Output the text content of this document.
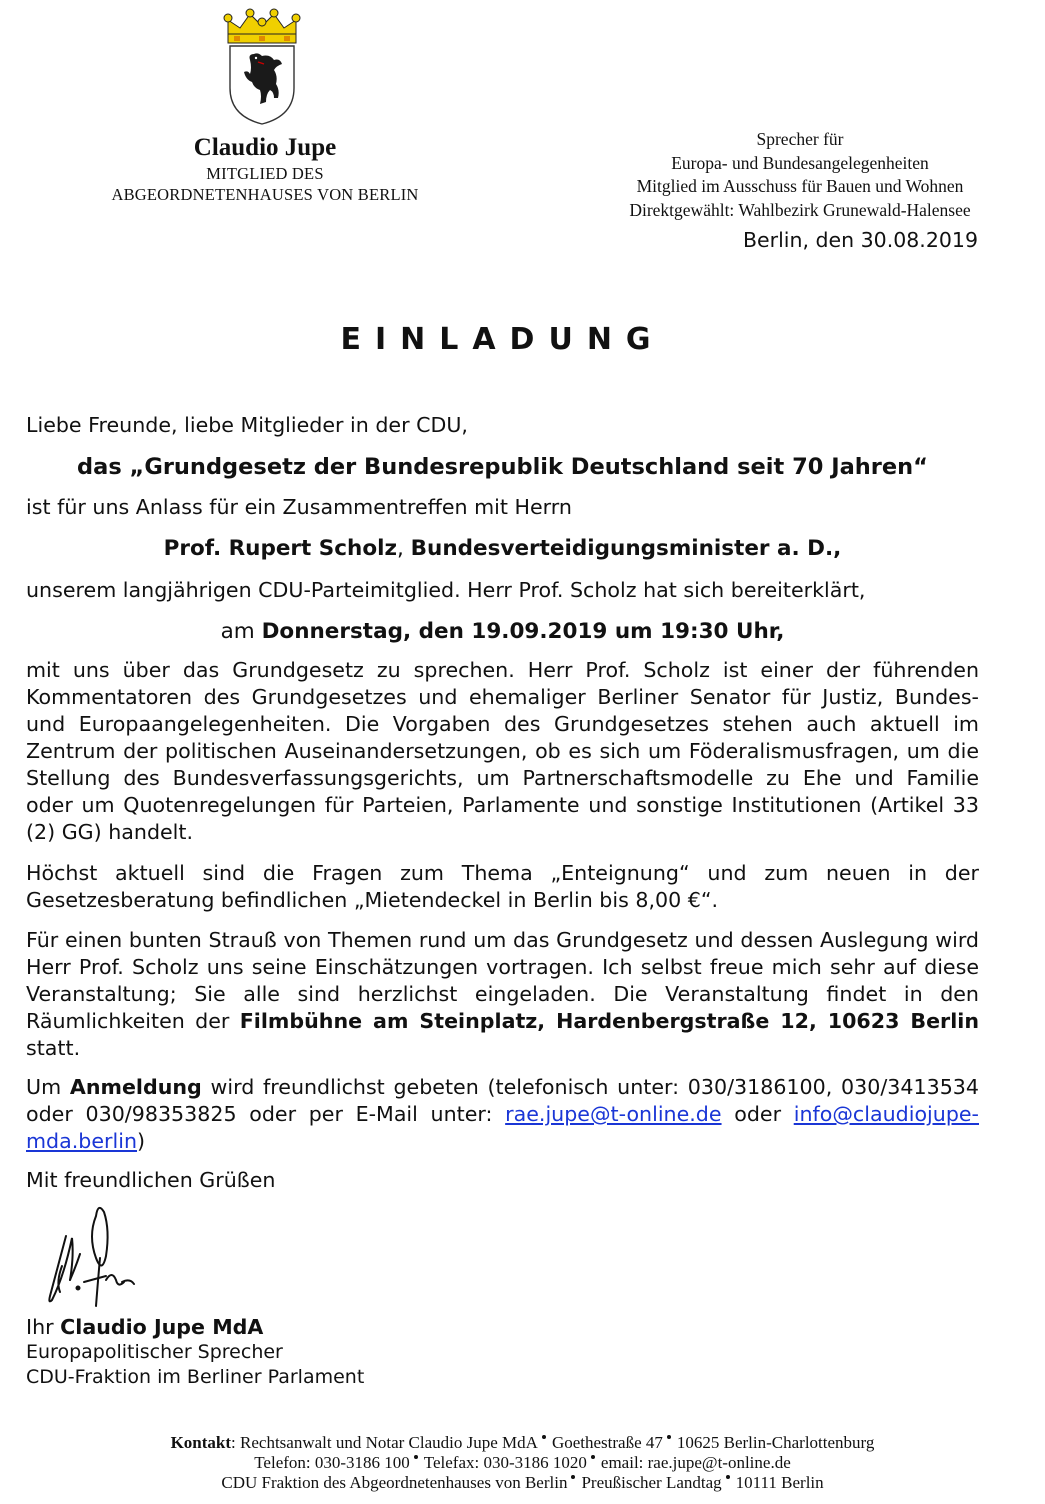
Claudio Jupe
MITGLIED DES
ABGEORDNETENHAUSES VON BERLIN
Sprecher für
Europa- und Bundesangelegenheiten
Mitglied im Ausschuss für Bauen und Wohnen
Direktgewählt: Wahlbezirk Grunewald-Halensee
Berlin, den 30.08.2019
EINLADUNG
Liebe Freunde, liebe Mitglieder in der CDU,
das „Grundgesetz der Bundesrepublik Deutschland seit 70 Jahren“
ist für uns Anlass für ein Zusammentreffen mit Herrn
Prof. Rupert Scholz, Bundesverteidigungsminister a. D.,
unserem langjährigen CDU-Parteimitglied. Herr Prof. Scholz hat sich bereiterklärt,
am Donnerstag, den 19.09.2019 um 19:30 Uhr,
mit uns über das Grundgesetz zu sprechen. Herr Prof. Scholz ist einer der führenden Kommentatoren des Grundgesetzes und ehemaliger Berliner Senator für Justiz, Bundes- und Europaangelegenheiten. Die Vorgaben des Grundgesetzes stehen auch aktuell im Zentrum der politischen Auseinandersetzungen, ob es sich um Föderalismusfragen, um die Stellung des Bundesverfassungsgerichts, um Partnerschaftsmodelle zu Ehe und Familie oder um Quotenregelungen für Parteien, Parlamente und sonstige Institutionen (Artikel 33 (2) GG) handelt.
Höchst aktuell sind die Fragen zum Thema „Enteignung“ und zum neuen in der Gesetzesberatung befindlichen „Mietendeckel in Berlin bis 8,00 €“.
Für einen bunten Strauß von Themen rund um das Grundgesetz und dessen Auslegung wird Herr Prof. Scholz uns seine Einschätzungen vortragen. Ich selbst freue mich sehr auf diese Veranstaltung; Sie alle sind herzlichst eingeladen. Die Veranstaltung findet in den Räumlichkeiten der Filmbühne am Steinplatz, Hardenbergstraße 12, 10623 Berlin statt.
Um Anmeldung wird freundlichst gebeten (telefonisch unter: 030/3186100, 030/3413534 oder 030/98353825 oder per E-Mail unter: rae.jupe@t-online.de oder info@claudiojupe-mda.berlin)
Mit freundlichen Grüßen
Ihr Claudio Jupe MdA
Europapolitischer Sprecher
CDU-Fraktion im Berliner Parlament
Kontakt: Rechtsanwalt und Notar Claudio Jupe MdA Goethestraße 47 10625 Berlin-Charlottenburg
Telefon: 030-3186 100 Telefax: 030-3186 1020 email: rae.jupe@t-online.de
CDU Fraktion des Abgeordnetenhauses von Berlin Preußischer Landtag 10111 Berlin
